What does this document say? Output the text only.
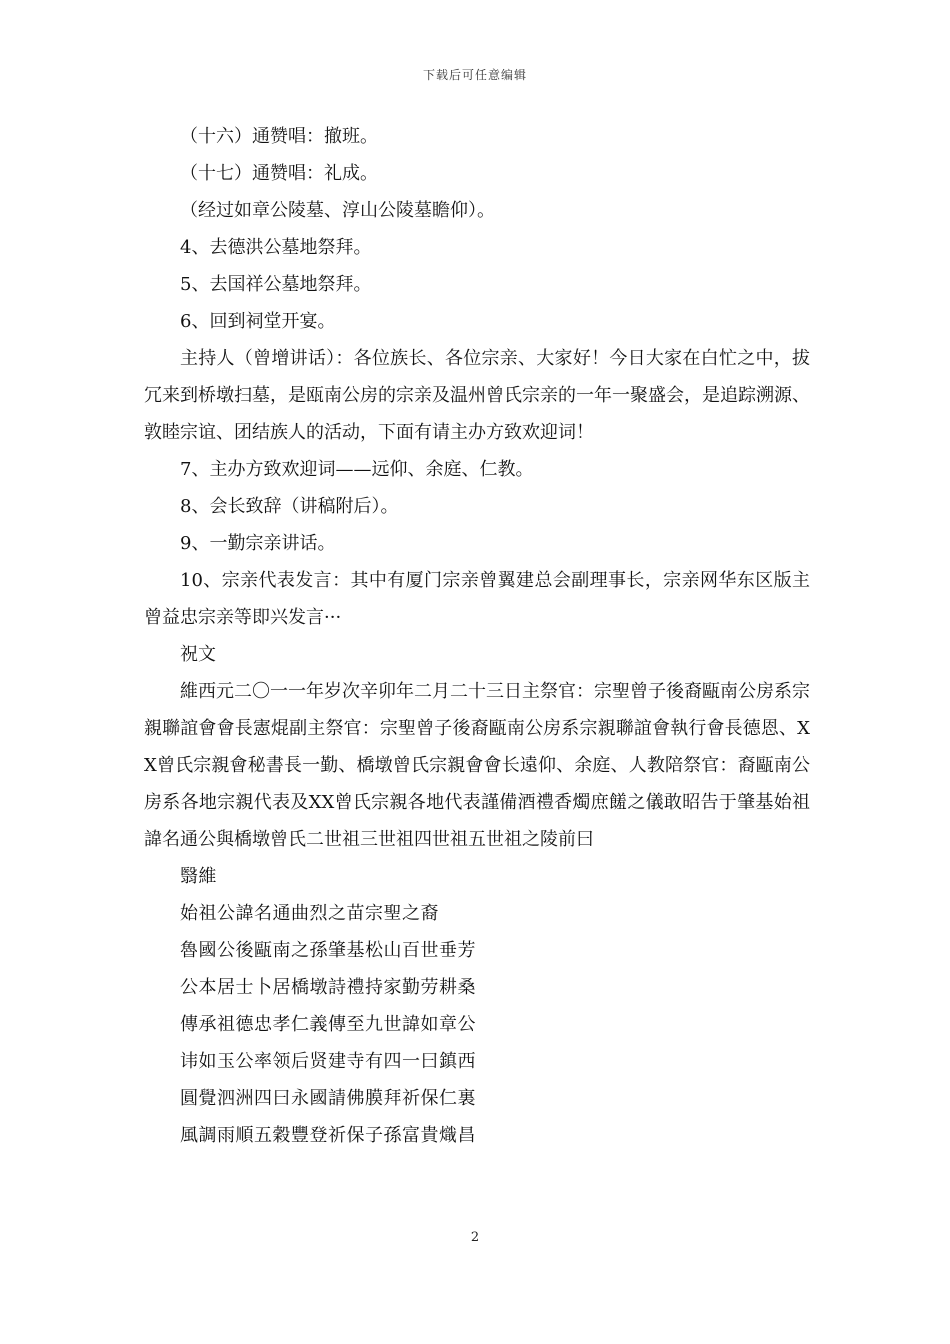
下载后可任意编辑

（十六）通赞唱：撤班。

（十七）通赞唱：礼成。

（经过如章公陵墓、淳山公陵墓瞻仰）。

4、去德洪公墓地祭拜。

5、去国祥公墓地祭拜。

6、回到祠堂开宴。

主持人（曾增讲话）：各位族长、各位宗亲、大家好！今日大家在白忙之中，拔冗来到桥墩扫墓，是瓯南公房的宗亲及温州曾氏宗亲的一年一聚盛会，是追踪溯源、敦睦宗谊、团结族人的活动，下面有请主办方致欢迎词！

7、主办方致欢迎词——远仰、余庭、仁教。

8、会长致辞（讲稿附后）。

9、一勤宗亲讲话。

10、宗亲代表发言：其中有厦门宗亲曾翼建总会副理事长，宗亲网华东区版主曾益忠宗亲等即兴发言···

祝文

維西元二〇一一年岁次辛卯年二月二十三日主祭官：宗聖曾子後裔甌南公房系宗親聯誼會會長憲焜副主祭官：宗聖曾子後裔甌南公房系宗親聯誼會執行會長德恩、XX曾氏宗親會秘書長一勤、橋墩曾氏宗親會會长遠仰、余庭、人教陪祭官：裔甌南公房系各地宗親代表及XX曾氏宗親各地代表謹備酒禮香燭庶饈之儀敢昭告于肇基始祖諱名通公與橋墩曾氏二世祖三世祖四世祖五世祖之陵前曰

翳維

始祖公諱名通曲烈之苗宗聖之裔

魯國公後甌南之孫肇基松山百世垂芳

公本居士卜居橋墩詩禮持家勤劳耕桑

傳承祖德忠孝仁義傳至九世諱如章公

讳如玉公率领后贤建寺有四一曰鎮西

圓覺泗洲四曰永國請佛膜拜祈保仁裏

風調雨順五穀豐登祈保子孫富貴熾昌

2
